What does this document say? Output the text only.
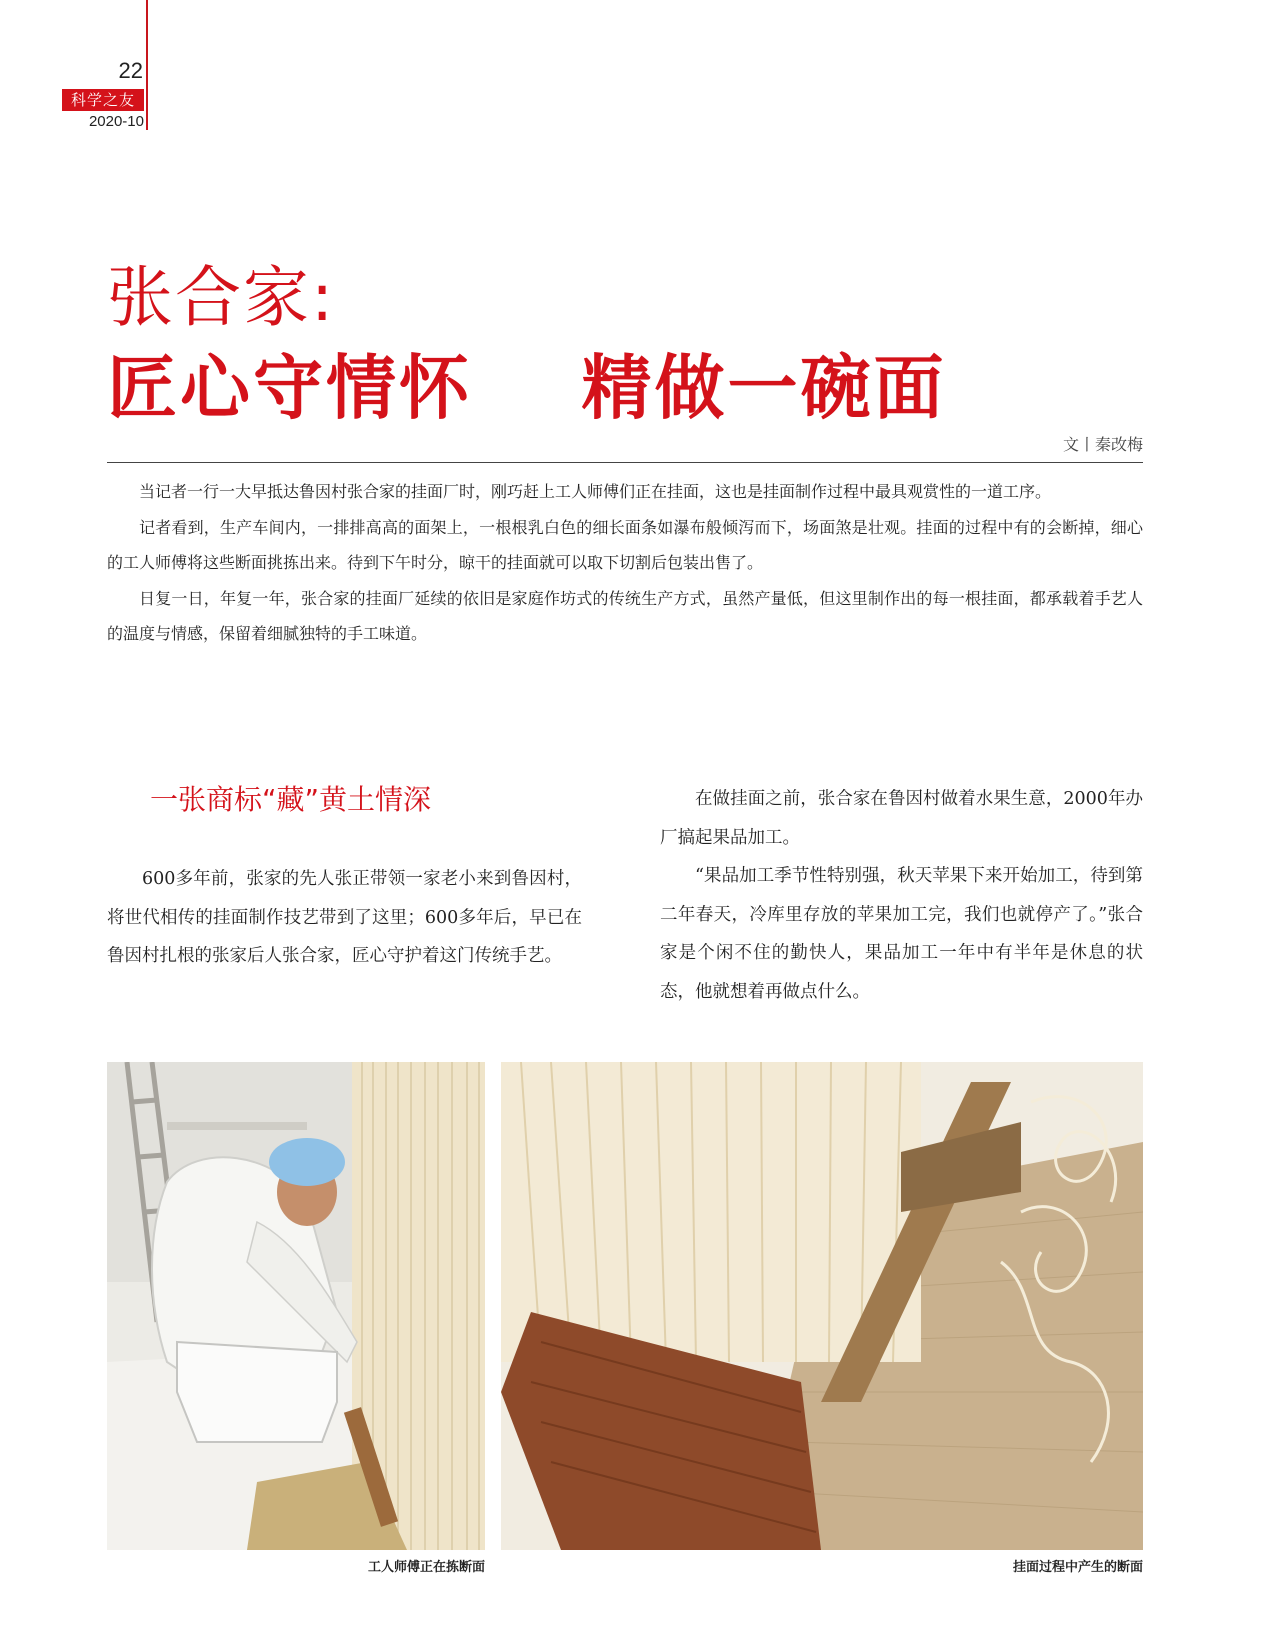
22
科学之友
2020-10
张合家:
匠心守情怀    精做一碗面
文丨秦改梅

当记者一行一大早抵达鲁因村张合家的挂面厂时，刚巧赶上工人师傅们正在挂面，这也是挂面制作过程中最具观赏性的一道工序。

记者看到，生产车间内，一排排高高的面架上，一根根乳白色的细长面条如瀑布般倾泻而下，场面煞是壮观。挂面的过程中有的会断掉，细心的工人师傅将这些断面挑拣出来。待到下午时分，晾干的挂面就可以取下切割后包装出售了。

日复一日，年复一年，张合家的挂面厂延续的依旧是家庭作坊式的传统生产方式，虽然产量低，但这里制作出的每一根挂面，都承载着手艺人的温度与情感，保留着细腻独特的手工味道。

一张商标“藏”黄土情深

600多年前，张家的先人张正带领一家老小来到鲁因村，将世代相传的挂面制作技艺带到了这里；600多年后，早已在鲁因村扎根的张家后人张合家，匠心守护着这门传统手艺。

在做挂面之前，张合家在鲁因村做着水果生意，2000年办厂搞起果品加工。

“果品加工季节性特别强，秋天苹果下来开始加工，待到第二年春天，冷库里存放的苹果加工完，我们也就停产了。”张合家是个闲不住的勤快人，果品加工一年中有半年是休息的状态，他就想着再做点什么。

工人师傅正在拣断面	挂面过程中产生的断面
